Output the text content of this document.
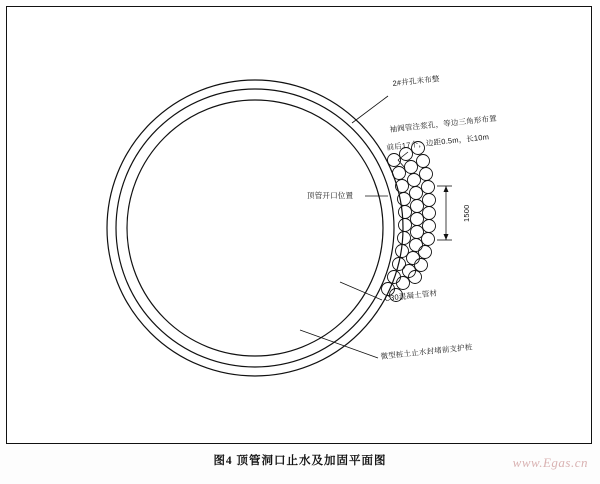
2#井孔未布整
袖阀管注浆孔，等边三角形布置
前后17个，边距0.5m，长10m
顶管开口位置
1500
C30混凝土管材
微型桩土止水封堵前支护桩
图4 顶管洞口止水及加固平面图	www.Egas.cn
